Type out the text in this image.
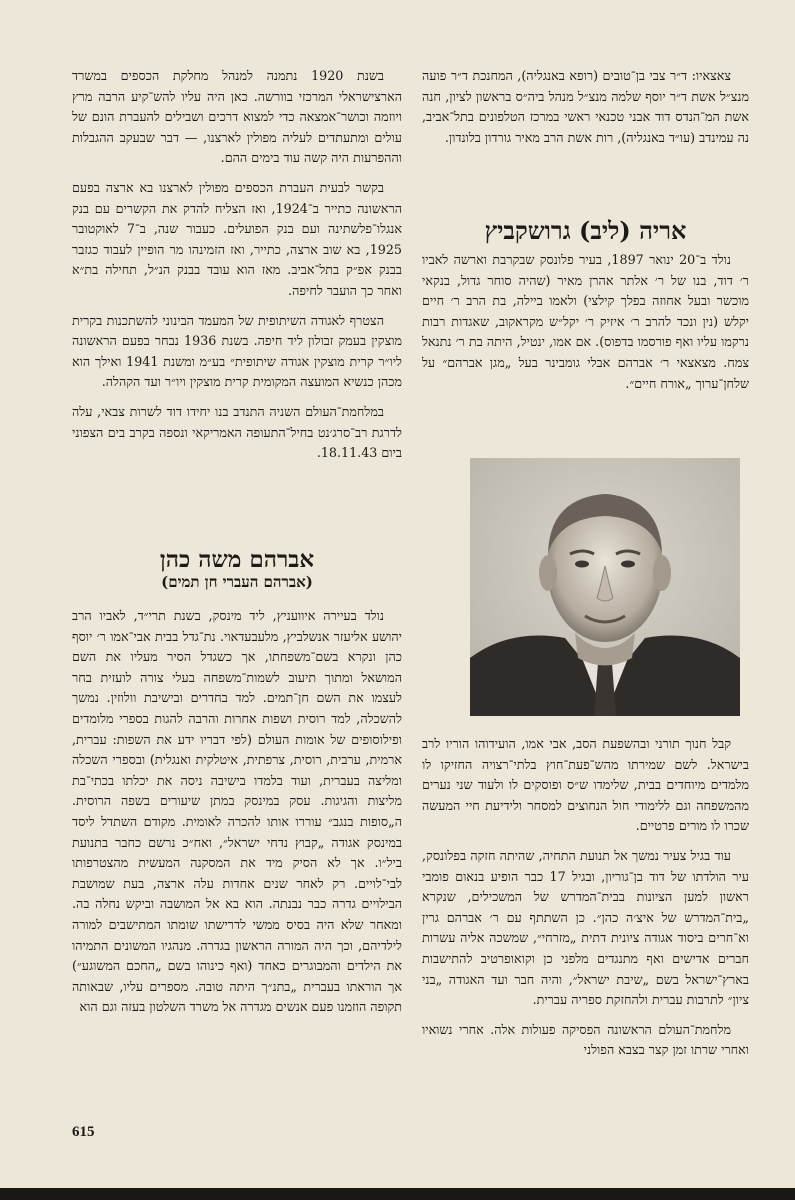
צאצאיו: ד״ר צבי בן־טובים (רופא באנגליה), המחנכת ד״ר פועה מנצ״ל אשת ד״ר יוסף שלמה מנצ״ל מנהל ביה״ס בראשון לציון, חנה אשת המ־הנדס דוד אבני טכנאי ראשי במרכז הטלפונים בתל־אביב, נה עמינדב (עו״ד באנגליה), רות אשת הרב מאיר גורדון בלונדון.

אריה (ליב) גרושקביץ

נולד ב־20 ינואר 1897, בעיר פלונסק שבקרבת וארשה לאביו ר׳ דוד, בנו של ר׳ אלתר אהרן מאיר (שהיה סוחר גדול, בנקאי מוכשר ובעל אחוזה בפלך קילצי) ולאמו ביילה, בת הרב ר׳ חיים יקלש (נין ונכד להרב ר׳ איזיק ר׳ יקל״ש מקראקוב, שאגדות רבות נרקמו עליו ואף פורסמו בדפוס). אם אמו, ינטיל, היתה בת ר׳ נתנאל צמח. מצאצאי ר׳ אברהם אבלי גומבינר בעל „מגן אברהם״ על שלחן־ערוך „אורח חיים״.

קבל חנוך תורני ובהשפעת הסב, אבי אמו, הועידוהו הוריו לרב בישראל. לשם שמירתו מהש־פעת־חוץ בלתי־רצויה החזיקו לו מלמדים מיוחדים בבית, שלימדו ש״ס ופוסקים לו ולעוד שני נערים מהמשפחה וגם ללימודי חול הנחוצים למסחר ולידיעת חיי המעשה שכרו לו מורים פרטיים.

עוד בגיל צעיר נמשך אל תנועת התחיה, שהיתה חזקה בפלונסק, עיר הולדתו של דוד בן־גוריון, ובגיל 17 כבר הופיע בנאום פומבי ראשון למען הציונות בבית־המדרש של המשכילים, שנקרא „בית־המדרש של איצ׳ה כהן״. כן השתתף עם ר׳ אברהם גרין וא־חרים ביסוד אגודה ציונית דתית „מזרחי״, שמשכה אליה עשרות חברים אדישים ואף מתנגדים מלפני כן וקואופרטיב להתישבות בארץ־ישראל בשם „שיבת ישראל״, והיה חבר ועד האגודה „בני ציון״ לתרבות עברית ולהחזקת ספריה עברית.

מלחמת־העולם הראשונה הפסיקה פעולות אלה. אחרי נשואיו ואחרי שרתו זמן קצר בצבא הפולני

בשנת 1920 נתמנה למנהל מחלקת הכספים במשרד הארצישראלי המרכזי בוורשה. כאן היה עליו להש־קיע הרבה מרץ ויוזמה וכושר־אמצאה כדי למצוא דרכים ושבילים להעברת הונם של עולים ומתעתדים לעליה מפולין לארצנו, — דבר שבעקב ההגבלות וההפרעות היה קשה עוד בימים ההם.

בקשר לבעית העברת הכספים מפולין לארצנו בא ארצה בפעם הראשונה כתייר ב־1924, ואז הצליח להדק את הקשרים עם בנק אנגלו־פלשתינה ועם בנק הפועלים. כעבור שנה, ב־7 לאוקטובר 1925, בא שוב ארצה, כתייר, ואז הזמינהו מר הופיין לעבוד כגזבר בבנק אפ״ק בתל־אביב. מאז הוא עובד בבנק הנ״ל, תחילה בת״א ואחר כך הועבר לחיפה.

הצטרף לאגודה השיתופית של המעמד הבינוני להשתכנות בקרית מוצקין בעמק זבולון ליד חיפה. בשנת 1936 נבחר בפעם הראשונה ליו״ר קרית מוצקין אגודה שיתופית״ בע״מ ומשנת 1941 ואילך הוא מכהן כנשיא המועצה המקומית קרית מוצקין ויו״ר ועד הקהלה.

במלחמת־העולם השניה התנדב בנו יחידו דוד לשרות צבאי, עלה לדרגת רב־סרג׳נט בחיל־התעופה האמריקאי ונספה בקרב בים הצפוני ביום 18.11.43.

אברהם משה כהן
(אברהם העברי חן תמים)

נולד בעיירה איוועניץ, ליד מינסק, בשנת תרי״ד, לאביו הרב יהושע אליעזר אנשלביץ, מלעבעדאוי. נת־גדל בבית אבי־אמו ר׳ יוסף כהן ונקרא בשם־משפחתו, אך כשגדל הסיר מעליו את השם המושאל ומתוך תיעוב לשמות־משפחה בעלי צורה לועזית בחר לעצמו את השם חן־תמים. למד בחדרים ובישיבת וולוזין. נמשך להשכלה, למד רוסית ושפות אחרות והרבה להגות בספרי מלומדים ופילוסופים של אומות העולם (לפי דבריו ידע את השפות: עברית, ארמית, ערבית, רוסית, צרפתית, איטלקית ואנגלית) ובספרי השכלה ומליצה בעברית, ועוד בלמדו בישיבה ניסה את יכלתו בכתי־בת מליצות והגיגות. עסק במינסק במתן שיעורים בשפה הרוסית. ה„סופות בנגב״ עוררו אותו להכרה לאומית. מקודם השתדל ליסד במינסק אגודה „קבוץ נדחי ישראל״, ואח״כ נרשם כחבר בתנועת ביל״ו. אך לא הסיק מיד את המסקנה המעשית מהצטרפותו לבי־לויים. רק לאחר שנים אחדות עלה ארצה, בעת שמושבת הבילויים גדרה כבר נבנתה. הוא בא אל המושבה וביקש נחלה בה. ומאחר שלא היה בסיס ממשי לדרישתו שומתו המתישבים למורה לילדיהם, וכך היה המורה הראשון בגדרה. מנהגיו המשונים התמיהו את הילדים והמבוגרים כאחד (ואף כינוהו בשם „החכם המשוגע״) אך הוראתו בעברית „בתנ״ך היתה טובה. מספרים עליו, שבאותה תקופה הוזמנו פעם אנשים מגדרה אל משרד השלטון בעזה וגם הוא

615
